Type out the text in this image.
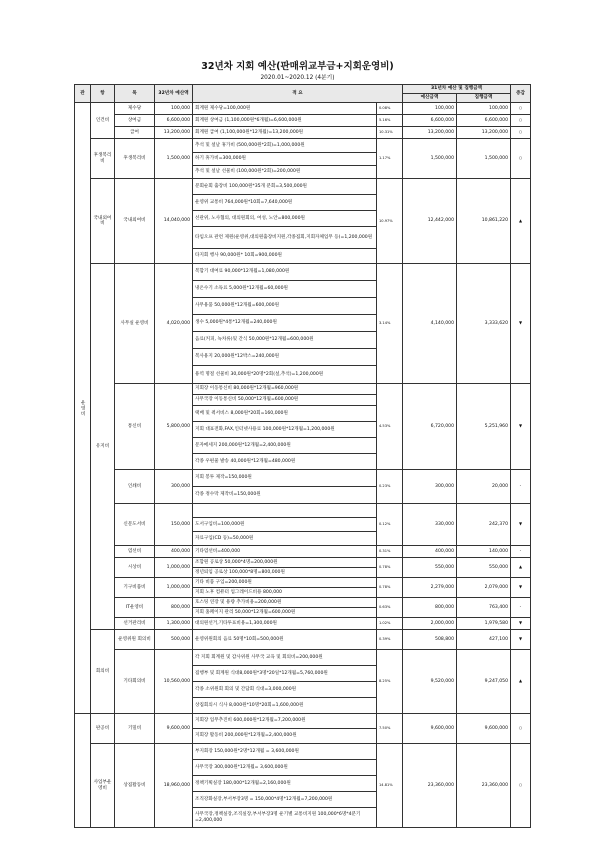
32년차 지회 예산(판매위교부금+지회운영비)
2020.01~2020.12 (4분기)
관	항	목	32년차 예산액	적 요		31년차 예산 및 집행금액		증감
						예산금액	집행금액	
운영비	인건비	제수당	100,000	회계원 제수당=100,000원	0.08%	100,000	100,000	○
		상여금	6,600,000	회계원 상여금 (1,100,000원*6개월)=6,600,000원	5.16%	6,600,000	6,600,000	○
		급여	13,200,000	회계원 급여 (1,100,000원*12개월)=13,200,000원	10.31%	13,200,000	13,200,000	○
	후생복리비	후생복리비	1,500,000	추석 및 설날 휴가비 (500,000원*2회)=1,000,000원	1.17%	1,500,000	1,500,000	○
				하기 휴가비=300,000원				
				추석 및 설날 선물비 (100,000원*2회)=200,000원				
	국내외여비	국내외여비	14,040,000	분회순회 출장비 100,000원*35개 분회=3,500,000원	10.97%	12,442,000	10,861,220	▲
				운영위 교통비 764,000원*10회=7,640,000원				
				선관위, 노사협의, 대의원회의, 여성, 노안=800,000원				
				타임오프 관련 제원(운영위,대의원출장비지원,각종집회,지회자체업무 등)=1,200,000원				
				타지회 행사 90,000원* 10회=900,000원				
	유지비	사무실 운영비	4,020,000	복합기 대여료 90,000*12개월=1,080,000원	3.14%	4,140,000	3,333,620	▼
				냉온수기 소독료 5,000원*12개월=60,000원				
				사무용품 50,000원*12개월=600,000원				
				생수 5,000원*4통*12개월=240,000원				
				음료(커피, 녹차류)및 간식 50,000원*12개월=600,000원				
				복사용지 20,000원*12박스=240,000원				
				용역 명절 선물비 30,000원*20명*2회(설,추석)=1,200,000원				
		통신비	5,800,000	지회장 이동통신비 80,000원*12개월=960,000원	4.53%	6,720,000	5,251,960	▼
				사무국장 이동통신비 50,000*12개월=600,000원				
				택배 및 퀵서비스 8,000원*20회=160,000원				
				지회 대표전화,FAX,인터넷사용료 100,000원*12개월=1,200,000원				
				문자메세지 200,000원*12개월=2,400,000원				
				각종 우편물 발송 40,000원*12개월=480,000원				
		인쇄비	300,000	지회 봉투 제작=150,000원	0.23%	300,000	20,000	-
				각종 정수막 제작비=150,000원				
		신문도서비	150,000		0.12%	330,000	242,370	▼
				도서구입비=100,000원				
				자료구입(CD 등)=50,000원				
		염선비	400,000	기타염선비=400,000	0.31%	400,000	140,000	-
		시상비	1,000,000	조합원 공로상 50,000*4명=200,000원	0.78%	550,000	550,000	▲
				정년퇴임 공로상 100,000*8명=800,000원				
		기구비품비	1,000,000	기타 비품 구입=200,000원	0.78%	2,279,000	2,079,000	▼
				지회 노후 컴퓨터 업그레이드비용 800,000				
		IT운영비	800,000	호스팅 연장 및 용량 추가비용=200,000원	0.63%	800,000	763,400	-
				지회 홈페이지 관리 50,000*12개월=600,000원				
		선거관리비	1,300,000	대의원선거,기타투표비용=1,300,000원	1.02%	2,000,000	1,979,580	▼
	회의비	운영위원 회의비	500,000	운영위원회의 음료 50명*10회=500,000원	0.39%	508,800	427,100	▼
		기타회의비	10,560,000	각 지회 회계원 및 감사위원 사무국 교육 및 회의비=200,000원	8.25%	9,520,000	9,247,050	▲
				집행부 및 회계원 식대8,000원*3명*20일*12개월=5,760,000원				
				각종 소위원회 회의 및 간담회 식대=3,000,000원				
				상집회의시 식사 8,000원*10명*20회=1,600,000원				
	판공비	기밀비	9,600,000	지회장 업무추진비 600,000원*12개월=7,200,000원	7.50%	9,600,000	9,600,000	○
				지회장 활동비 200,000원*12개월=2,400,000원				
	사업부운영비	상집활동비	18,960,000	부지회장 150,000원*2명*12개월 = 3,600,000원	14.81%	23,360,000	23,360,000	○
				사무국장 300,000원*12개월= 3,600,000원				
				정책기획실장 180,000*12개월=2,160,000원				
				조직강화실장,부서부장3명 = 150,000*4명*12개월=7,200,000원				
				사무국장,정책실장,조직실장,부서부장3명 운기별 교통비지원 100,000*6명*4분기=2,400,000				
